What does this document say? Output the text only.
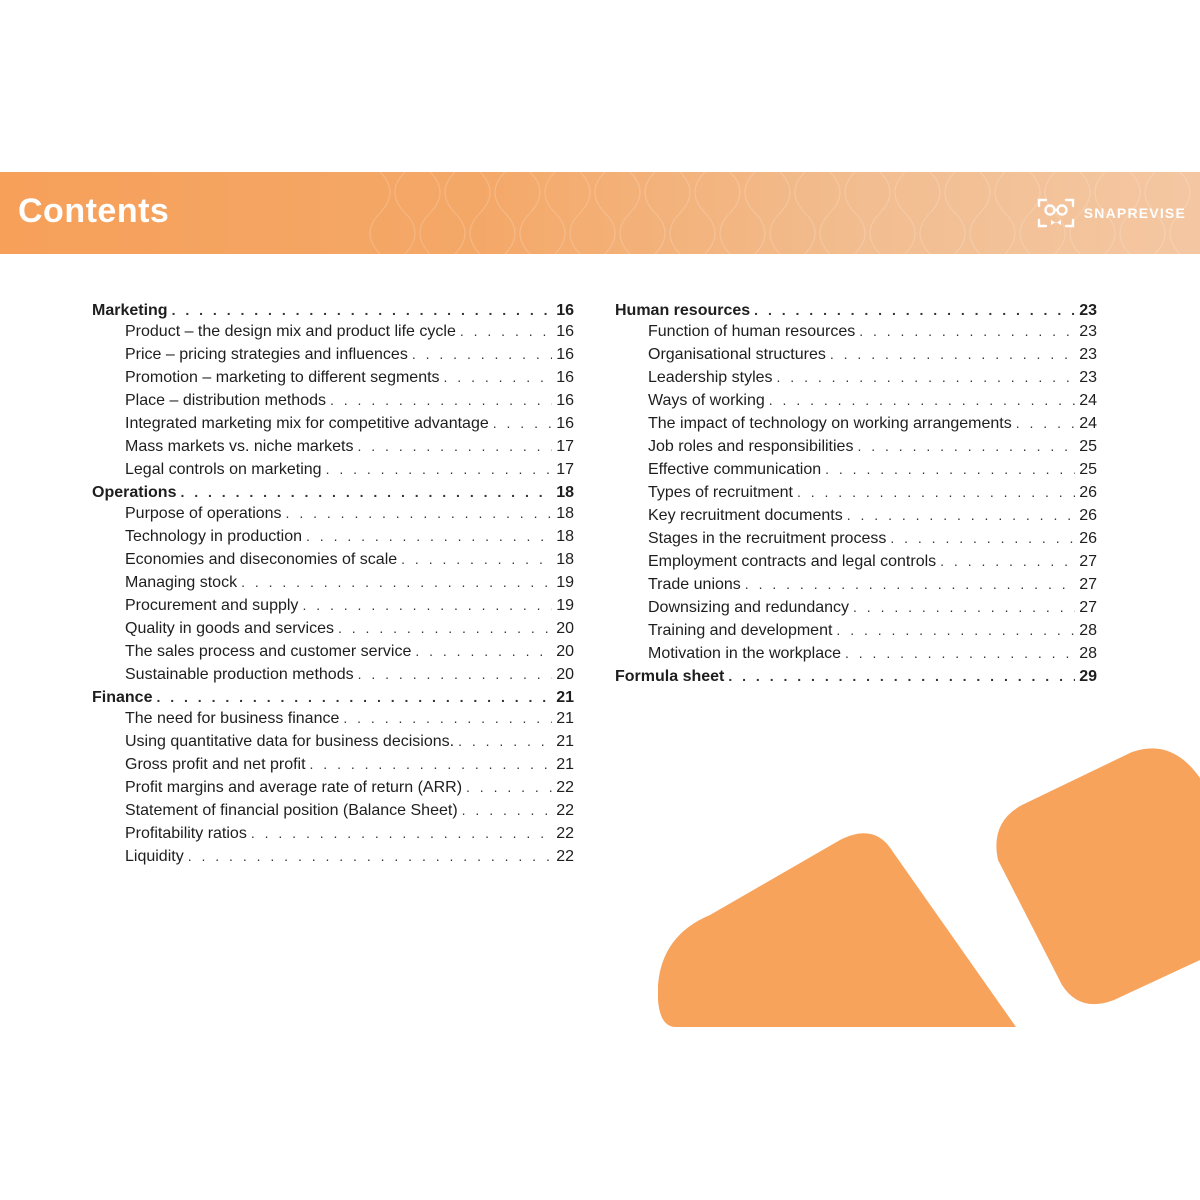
Contents	SNAPREVISE
Marketing . . .	16
Product – the design mix and product life cycle . . .	16
Price – pricing strategies and influences . . .	16
Promotion – marketing to different segments . . .	16
Place – distribution methods . . .	16
Integrated marketing mix for competitive advantage . . .	16
Mass markets vs. niche markets . . .	17
Legal controls on marketing . . .	17
Operations . . .	18
Purpose of operations . . .	18
Technology in production . . .	18
Economies and diseconomies of scale . . .	18
Managing stock . . .	19
Procurement and supply . . .	19
Quality in goods and services . . .	20
The sales process and customer service . . .	20
Sustainable production methods . . .	20
Finance . . .	21
The need for business finance . . .	21
Using quantitative data for business decisions. . . .	21
Gross profit and net profit . . .	21
Profit margins and average rate of return (ARR) . . .	22
Statement of financial position (Balance Sheet) . . .	22
Profitability ratios . . .	22
Liquidity . . .	22
Human resources . . .	23
Function of human resources . . .	23
Organisational structures . . .	23
Leadership styles . . .	23
Ways of working . . .	24
The impact of technology on working arrangements . . .	24
Job roles and responsibilities . . .	25
Effective communication . . .	25
Types of recruitment . . .	26
Key recruitment documents . . .	26
Stages in the recruitment process . . .	26
Employment contracts and legal controls . . .	27
Trade unions . . .	27
Downsizing and redundancy . . .	27
Training and development . . .	28
Motivation in the workplace . . .	28
Formula sheet . . .	29
